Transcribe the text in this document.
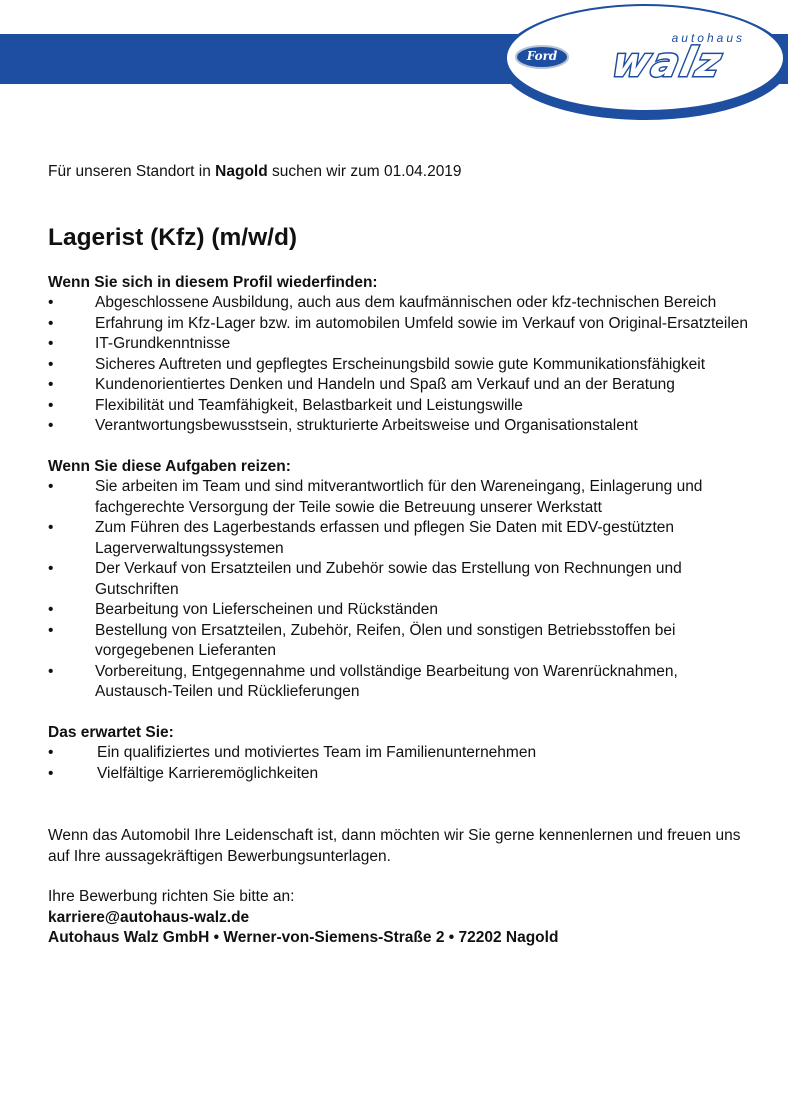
Ford
autohaus
walz

Für unseren Standort in Nagold suchen wir zum 01.04.2019

Lagerist (Kfz) (m/w/d)

Wenn Sie sich in diesem Profil wiederfinden:

•	Abgeschlossene Ausbildung, auch aus dem kaufmännischen oder kfz-technischen Bereich
•	Erfahrung im Kfz-Lager bzw. im automobilen Umfeld sowie im Verkauf von Original-Ersatzteilen
•	IT-Grundkenntnisse
•	Sicheres Auftreten und gepflegtes Erscheinungsbild sowie gute Kommunikationsfähigkeit
•	Kundenorientiertes Denken und Handeln und Spaß am Verkauf und an der Beratung
•	Flexibilität und Teamfähigkeit, Belastbarkeit und Leistungswille
•	Verantwortungsbewusstsein, strukturierte Arbeitsweise und Organisationstalent

Wenn Sie diese Aufgaben reizen:

•	Sie arbeiten im Team und sind mitverantwortlich für den Wareneingang, Einlagerung und fachgerechte Versorgung der Teile sowie die Betreuung unserer Werkstatt
•	Zum Führen des Lagerbestands erfassen und pflegen Sie Daten mit EDV-gestützten Lagerverwaltungssystemen
•	Der Verkauf von Ersatzteilen und Zubehör sowie das Erstellung von Rechnungen und Gutschriften
•	Bearbeitung von Lieferscheinen und Rückständen
•	Bestellung von Ersatzteilen, Zubehör, Reifen, Ölen und sonstigen Betriebsstoffen bei vorgegebenen Lieferanten
•	Vorbereitung, Entgegennahme und vollständige Bearbeitung von Warenrücknahmen, Austausch-Teilen und Rücklieferungen

Das erwartet Sie:

•	Ein qualifiziertes und motiviertes Team im Familienunternehmen
•	Vielfältige Karrieremöglichkeiten

Wenn das Automobil Ihre Leidenschaft ist, dann möchten wir Sie gerne kennenlernen und freuen uns auf Ihre aussagekräftigen Bewerbungsunterlagen.

Ihre Bewerbung richten Sie bitte an:
karriere@autohaus-walz.de
Autohaus Walz GmbH • Werner-von-Siemens-Straße 2 • 72202 Nagold
